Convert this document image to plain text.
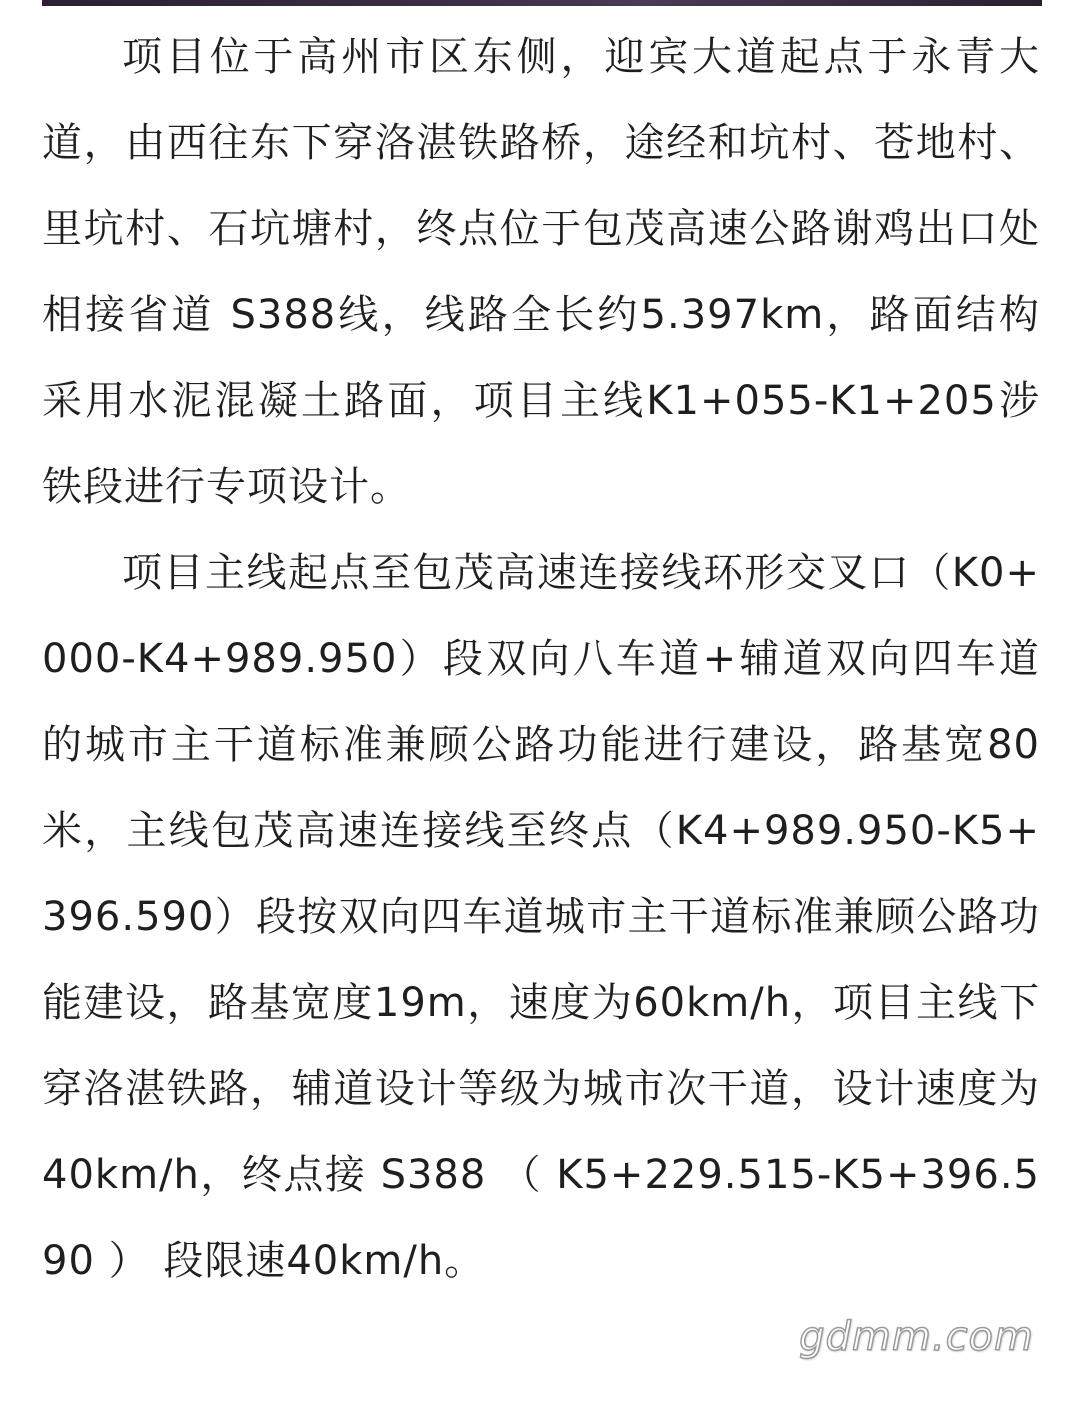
项目位于高州市区东侧，迎宾大道起点于永青大道，由西往东下穿洛湛铁路桥，途经和坑村、苍地村、里坑村、石坑塘村，终点位于包茂高速公路谢鸡出口处相接省道 S388线，线路全长约5.397km，路面结构采用水泥混凝土路面，项目主线K1+055-K1+205涉铁段进行专项设计。

项目主线起点至包茂高速连接线环形交叉口（K0+000-K4+989.950）段双向八车道+辅道双向四车道的城市主干道标准兼顾公路功能进行建设，路基宽80米，主线包茂高速连接线至终点（K4+989.950-K5+396.590）段按双向四车道城市主干道标准兼顾公路功能建设，路基宽度19m，速度为60km/h，项目主线下穿洛湛铁路，辅道设计等级为城市次干道，设计速度为40km/h，终点接 S388 （ K5+229.515-K5+396.590 ） 段限速40km/h。

gdmm.com
